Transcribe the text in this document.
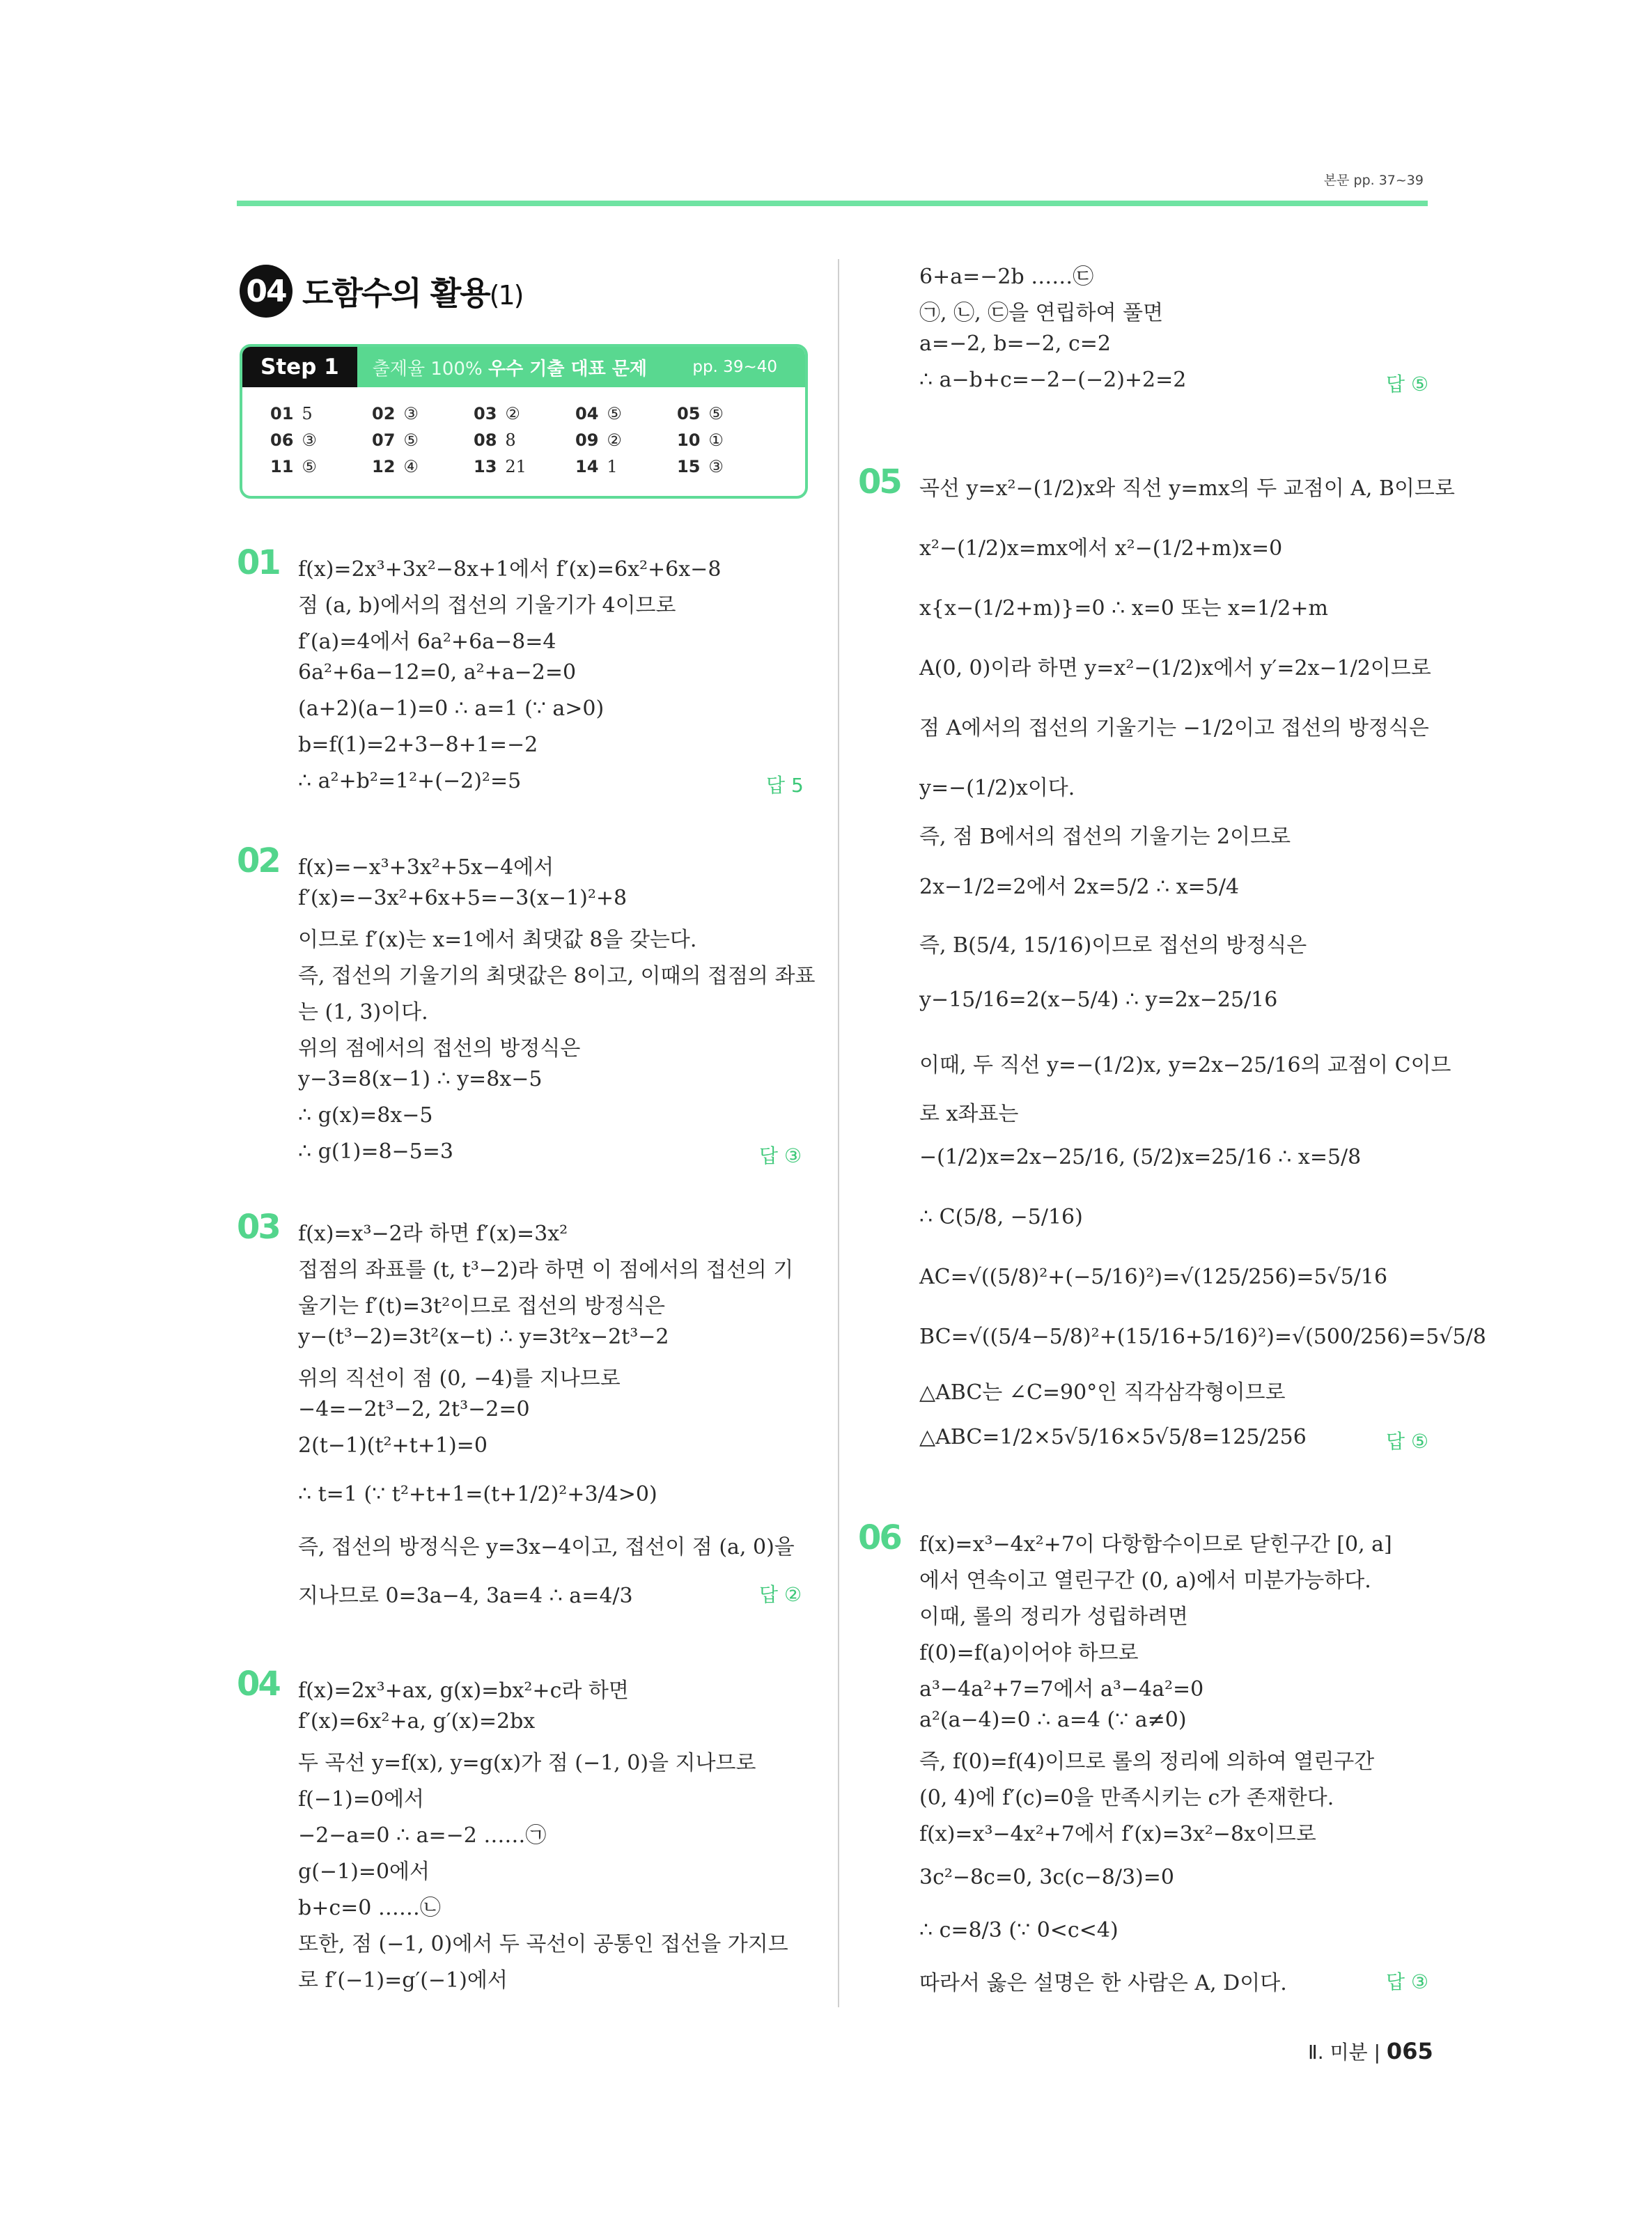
본문 pp. 37~39
04 도함수의 활용(1)
Step 1	출제율 100% 우수 기출 대표 문제	pp. 39~40
01 5	02 ③	03 ②	04 ⑤	05 ⑤
06 ③	07 ⑤	08 8	09 ②	10 ①
11 ⑤	12 ④	13 21	14 1	15 ③
01 f(x)=2x³+3x²−8x+1에서 f′(x)=6x²+6x−8
점 (a, b)에서의 접선의 기울기가 4이므로
f′(a)=4에서 6a²+6a−8=4
6a²+6a−12=0, a²+a−2=0
(a+2)(a−1)=0 ∴ a=1 (∵ a>0)
b=f(1)=2+3−8+1=−2
∴ a²+b²=1²+(−2)²=5	답 5
02 f(x)=−x³+3x²+5x−4에서
f′(x)=−3x²+6x+5=−3(x−1)²+8
이므로 f′(x)는 x=1에서 최댓값 8을 갖는다.
즉, 접선의 기울기의 최댓값은 8이고, 이때의 접점의 좌표
는 (1, 3)이다.
위의 점에서의 접선의 방정식은
y−3=8(x−1) ∴ y=8x−5
∴ g(x)=8x−5
∴ g(1)=8−5=3	답 ③
03 f(x)=x³−2라 하면 f′(x)=3x²
접점의 좌표를 (t, t³−2)라 하면 이 점에서의 접선의 기
울기는 f′(t)=3t²이므로 접선의 방정식은
y−(t³−2)=3t²(x−t) ∴ y=3t²x−2t³−2
위의 직선이 점 (0, −4)를 지나므로
−4=−2t³−2, 2t³−2=0
2(t−1)(t²+t+1)=0
∴ t=1 (∵ t²+t+1=(t+1/2)²+3/4>0)
즉, 접선의 방정식은 y=3x−4이고, 접선이 점 (a, 0)을
지나므로 0=3a−4, 3a=4 ∴ a=4/3	답 ②
04 f(x)=2x³+ax, g(x)=bx²+c라 하면
f′(x)=6x²+a, g′(x)=2bx
두 곡선 y=f(x), y=g(x)가 점 (−1, 0)을 지나므로
f(−1)=0에서
−2−a=0 ∴ a=−2 ……㉠
g(−1)=0에서
b+c=0 ……㉡
또한, 점 (−1, 0)에서 두 곡선이 공통인 접선을 가지므
로 f′(−1)=g′(−1)에서
6+a=−2b ……㉢
㉠, ㉡, ㉢을 연립하여 풀면
a=−2, b=−2, c=2
∴ a−b+c=−2−(−2)+2=2	답 ⑤
05 곡선 y=x²−(1/2)x와 직선 y=mx의 두 교점이 A, B이므로
x²−(1/2)x=mx에서 x²−(1/2+m)x=0
x{x−(1/2+m)}=0 ∴ x=0 또는 x=1/2+m
A(0, 0)이라 하면 y=x²−(1/2)x에서 y′=2x−1/2이므로
점 A에서의 접선의 기울기는 −1/2이고 접선의 방정식은
y=−(1/2)x이다.
즉, 점 B에서의 접선의 기울기는 2이므로
2x−1/2=2에서 2x=5/2 ∴ x=5/4
즉, B(5/4, 15/16)이므로 접선의 방정식은
y−15/16=2(x−5/4) ∴ y=2x−25/16
이때, 두 직선 y=−(1/2)x, y=2x−25/16의 교점이 C이므
로 x좌표는
−(1/2)x=2x−25/16, (5/2)x=25/16 ∴ x=5/8
∴ C(5/8, −5/16)
AC=√((5/8)²+(−5/16)²)=√(125/256)=5√5/16
BC=√((5/4−5/8)²+(15/16+5/16)²)=√(500/256)=5√5/8
△ABC는 ∠C=90°인 직각삼각형이므로
△ABC=1/2×5√5/16×5√5/8=125/256	답 ⑤
06 f(x)=x³−4x²+7이 다항함수이므로 닫힌구간 [0, a]
에서 연속이고 열린구간 (0, a)에서 미분가능하다.
이때, 롤의 정리가 성립하려면
f(0)=f(a)이어야 하므로
a³−4a²+7=7에서 a³−4a²=0
a²(a−4)=0 ∴ a=4 (∵ a≠0)
즉, f(0)=f(4)이므로 롤의 정리에 의하여 열린구간
(0, 4)에 f′(c)=0을 만족시키는 c가 존재한다.
f(x)=x³−4x²+7에서 f′(x)=3x²−8x이므로
3c²−8c=0, 3c(c−8/3)=0
∴ c=8/3 (∵ 0<c<4)
따라서 옳은 설명은 한 사람은 A, D이다.	답 ③
Ⅱ. 미분 | 065
